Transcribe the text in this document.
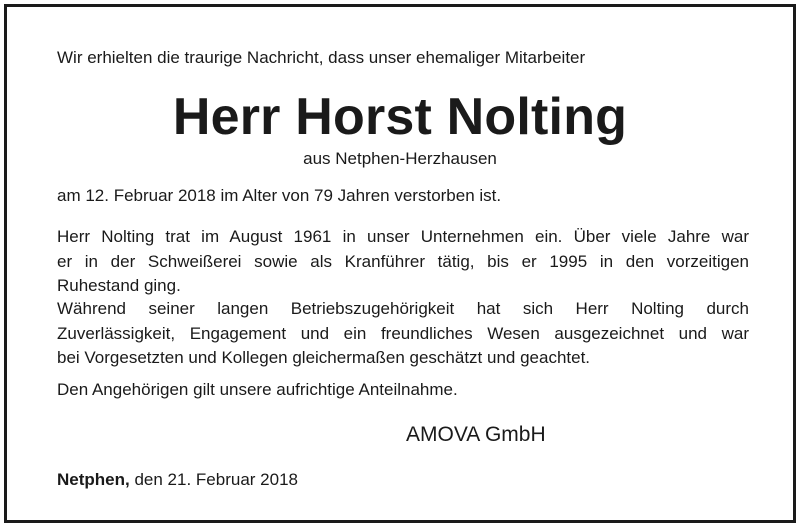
Wir erhielten die traurige Nachricht, dass unser ehemaliger Mitarbeiter

Herr Horst Nolting

aus Netphen-Herzhausen

am 12. Februar 2018 im Alter von 79 Jahren verstorben ist.

Herr Nolting trat im August 1961 in unser Unternehmen ein. Über viele Jahre war
er in der Schweißerei sowie als Kranführer tätig, bis er 1995 in den vorzeitigen
Ruhestand ging.
Während seiner langen Betriebszugehörigkeit hat sich Herr Nolting durch
Zuverlässigkeit, Engagement und ein freundliches Wesen ausgezeichnet und war
bei Vorgesetzten und Kollegen gleichermaßen geschätzt und geachtet.

Den Angehörigen gilt unsere aufrichtige Anteilnahme.

AMOVA GmbH

Netphen, den 21. Februar 2018
